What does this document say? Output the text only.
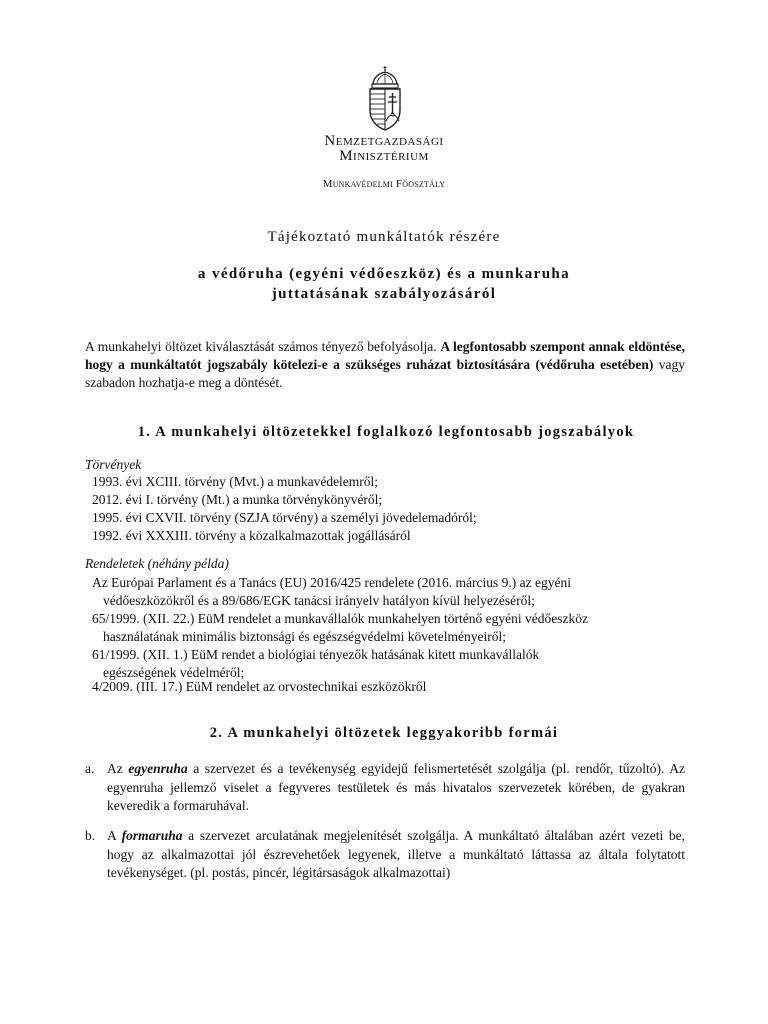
Nemzetgazdasági
Minisztérium
Munkavédelmi Főosztály
Tájékoztató munkáltatók részére
a védőruha (egyéni védőeszköz) és a munkaruha
juttatásának szabályozásáról
A munkahelyi öltözet kiválasztását számos tényező befolyásolja. A legfontosabb szempont annak eldöntése, hogy a munkáltatót jogszabály kötelezi-e a szükséges ruházat biztosítására (védőruha esetében) vagy szabadon hozhatja-e meg a döntését.
1. A munkahelyi öltözetekkel foglalkozó legfontosabb jogszabályok
Törvények
1993. évi XCIII. törvény (Mvt.) a munkavédelemről;
2012. évi I. törvény (Mt.) a munka törvénykönyvéről;
1995. évi CXVII. törvény (SZJA törvény) a személyi jövedelemadóról;
1992. évi XXXIII. törvény a közalkalmazottak jogállásáról
Rendeletek (néhány példa)
Az Európai Parlament és a Tanács (EU) 2016/425 rendelete (2016. március 9.) az egyéni
védőeszközökről és a 89/686/EGK tanácsi irányelv hatályon kívül helyezéséről;
65/1999. (XII. 22.) EüM rendelet a munkavállalók munkahelyen történő egyéni védőeszköz
használatának minimális biztonsági és egészségvédelmi követelményeiről;
61/1999. (XII. 1.) EüM rendet a biológiai tényezők hatásának kitett munkavállalók
egészségének védelméről;
4/2009. (III. 17.) EüM rendelet az orvostechnikai eszközökről
2. A munkahelyi öltözetek leggyakoribb formái
a. Az egyenruha a szervezet és a tevékenység egyidejű felismertetését szolgálja (pl. rendőr, tűzoltó). Az egyenruha jellemző viselet a fegyveres testületek és más hivatalos szervezetek körében, de gyakran keveredik a formaruhával.
b. A formaruha a szervezet arculatának megjelenítését szolgálja. A munkáltató általában azért vezeti be, hogy az alkalmazottai jól észrevehetőek legyenek, illetve a munkáltató láttassa az általa folytatott tevékenységet. (pl. postás, pincér, légitársaságok alkalmazottai)
